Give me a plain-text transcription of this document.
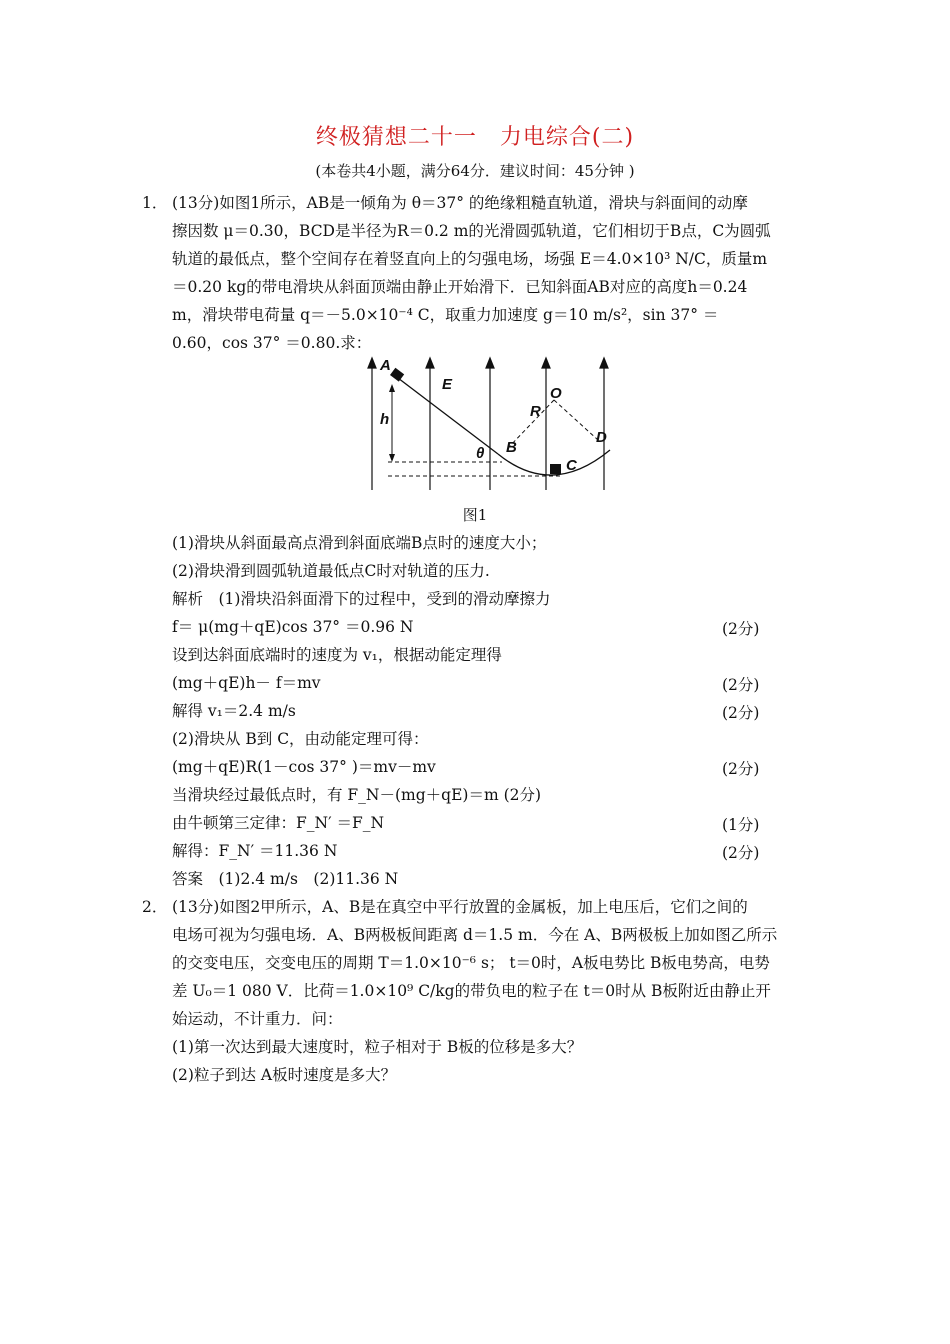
终极猜想二十一　力电综合(二)
(本卷共4小题，满分64分．建议时间：45分钟 )
1． (13分)如图1所示，AB是一倾角为 θ＝37° 的绝缘粗糙直轨道，滑块与斜面间的动摩
擦因数 μ＝0.30，BCD是半径为R＝0.2 m的光滑圆弧轨道，它们相切于B点，C为圆弧
轨道的最低点，整个空间存在着竖直向上的匀强电场，场强 E＝4.0×10³ N/C，质量m
＝0.20 kg的带电滑块从斜面顶端由静止开始滑下．已知斜面AB对应的高度h＝0.24
m，滑块带电荷量 q＝－5.0×10⁻⁴ C，取重力加速度 g＝10 m/s²，sin 37° ＝
0.60，cos 37° ＝0.80.求：
A
E
h	R
O
B
θ
C
D
图1
(1)滑块从斜面最高点滑到斜面底端B点时的速度大小；
(2)滑块滑到圆弧轨道最低点C时对轨道的压力.
解析　(1)滑块沿斜面滑下的过程中，受到的滑动摩擦力
f＝ μ(mg＋qE)cos 37° ＝0.96 N	(2分)
设到达斜面底端时的速度为 v₁，根据动能定理得
(mg＋qE)h－ f＝mv	(2分)
解得 v₁＝2.4 m/s	(2分)
(2)滑块从 B到 C，由动能定理可得：
(mg＋qE)R(1－cos 37° )＝mv－mv	(2分)
当滑块经过最低点时，有 F_N－(mg＋qE)＝m (2分)
由牛顿第三定律：F_N′ ＝F_N	(1分)
解得：F_N′ ＝11.36 N	(2分)
答案　(1)2.4 m/s　(2)11.36 N
2． (13分)如图2甲所示，A、B是在真空中平行放置的金属板，加上电压后，它们之间的
电场可视为匀强电场．A、B两极板间距离 d＝1.5 m．今在 A、B两极板上加如图乙所示
的交变电压，交变电压的周期 T＝1.0×10⁻⁶ s； t＝0时，A板电势比 B板电势高，电势
差 U₀＝1 080 V．比荷＝1.0×10⁹ C/kg的带负电的粒子在 t＝0时从 B板附近由静止开
始运动，不计重力．问：
(1)第一次达到最大速度时，粒子相对于 B板的位移是多大？
(2)粒子到达 A板时速度是多大？
